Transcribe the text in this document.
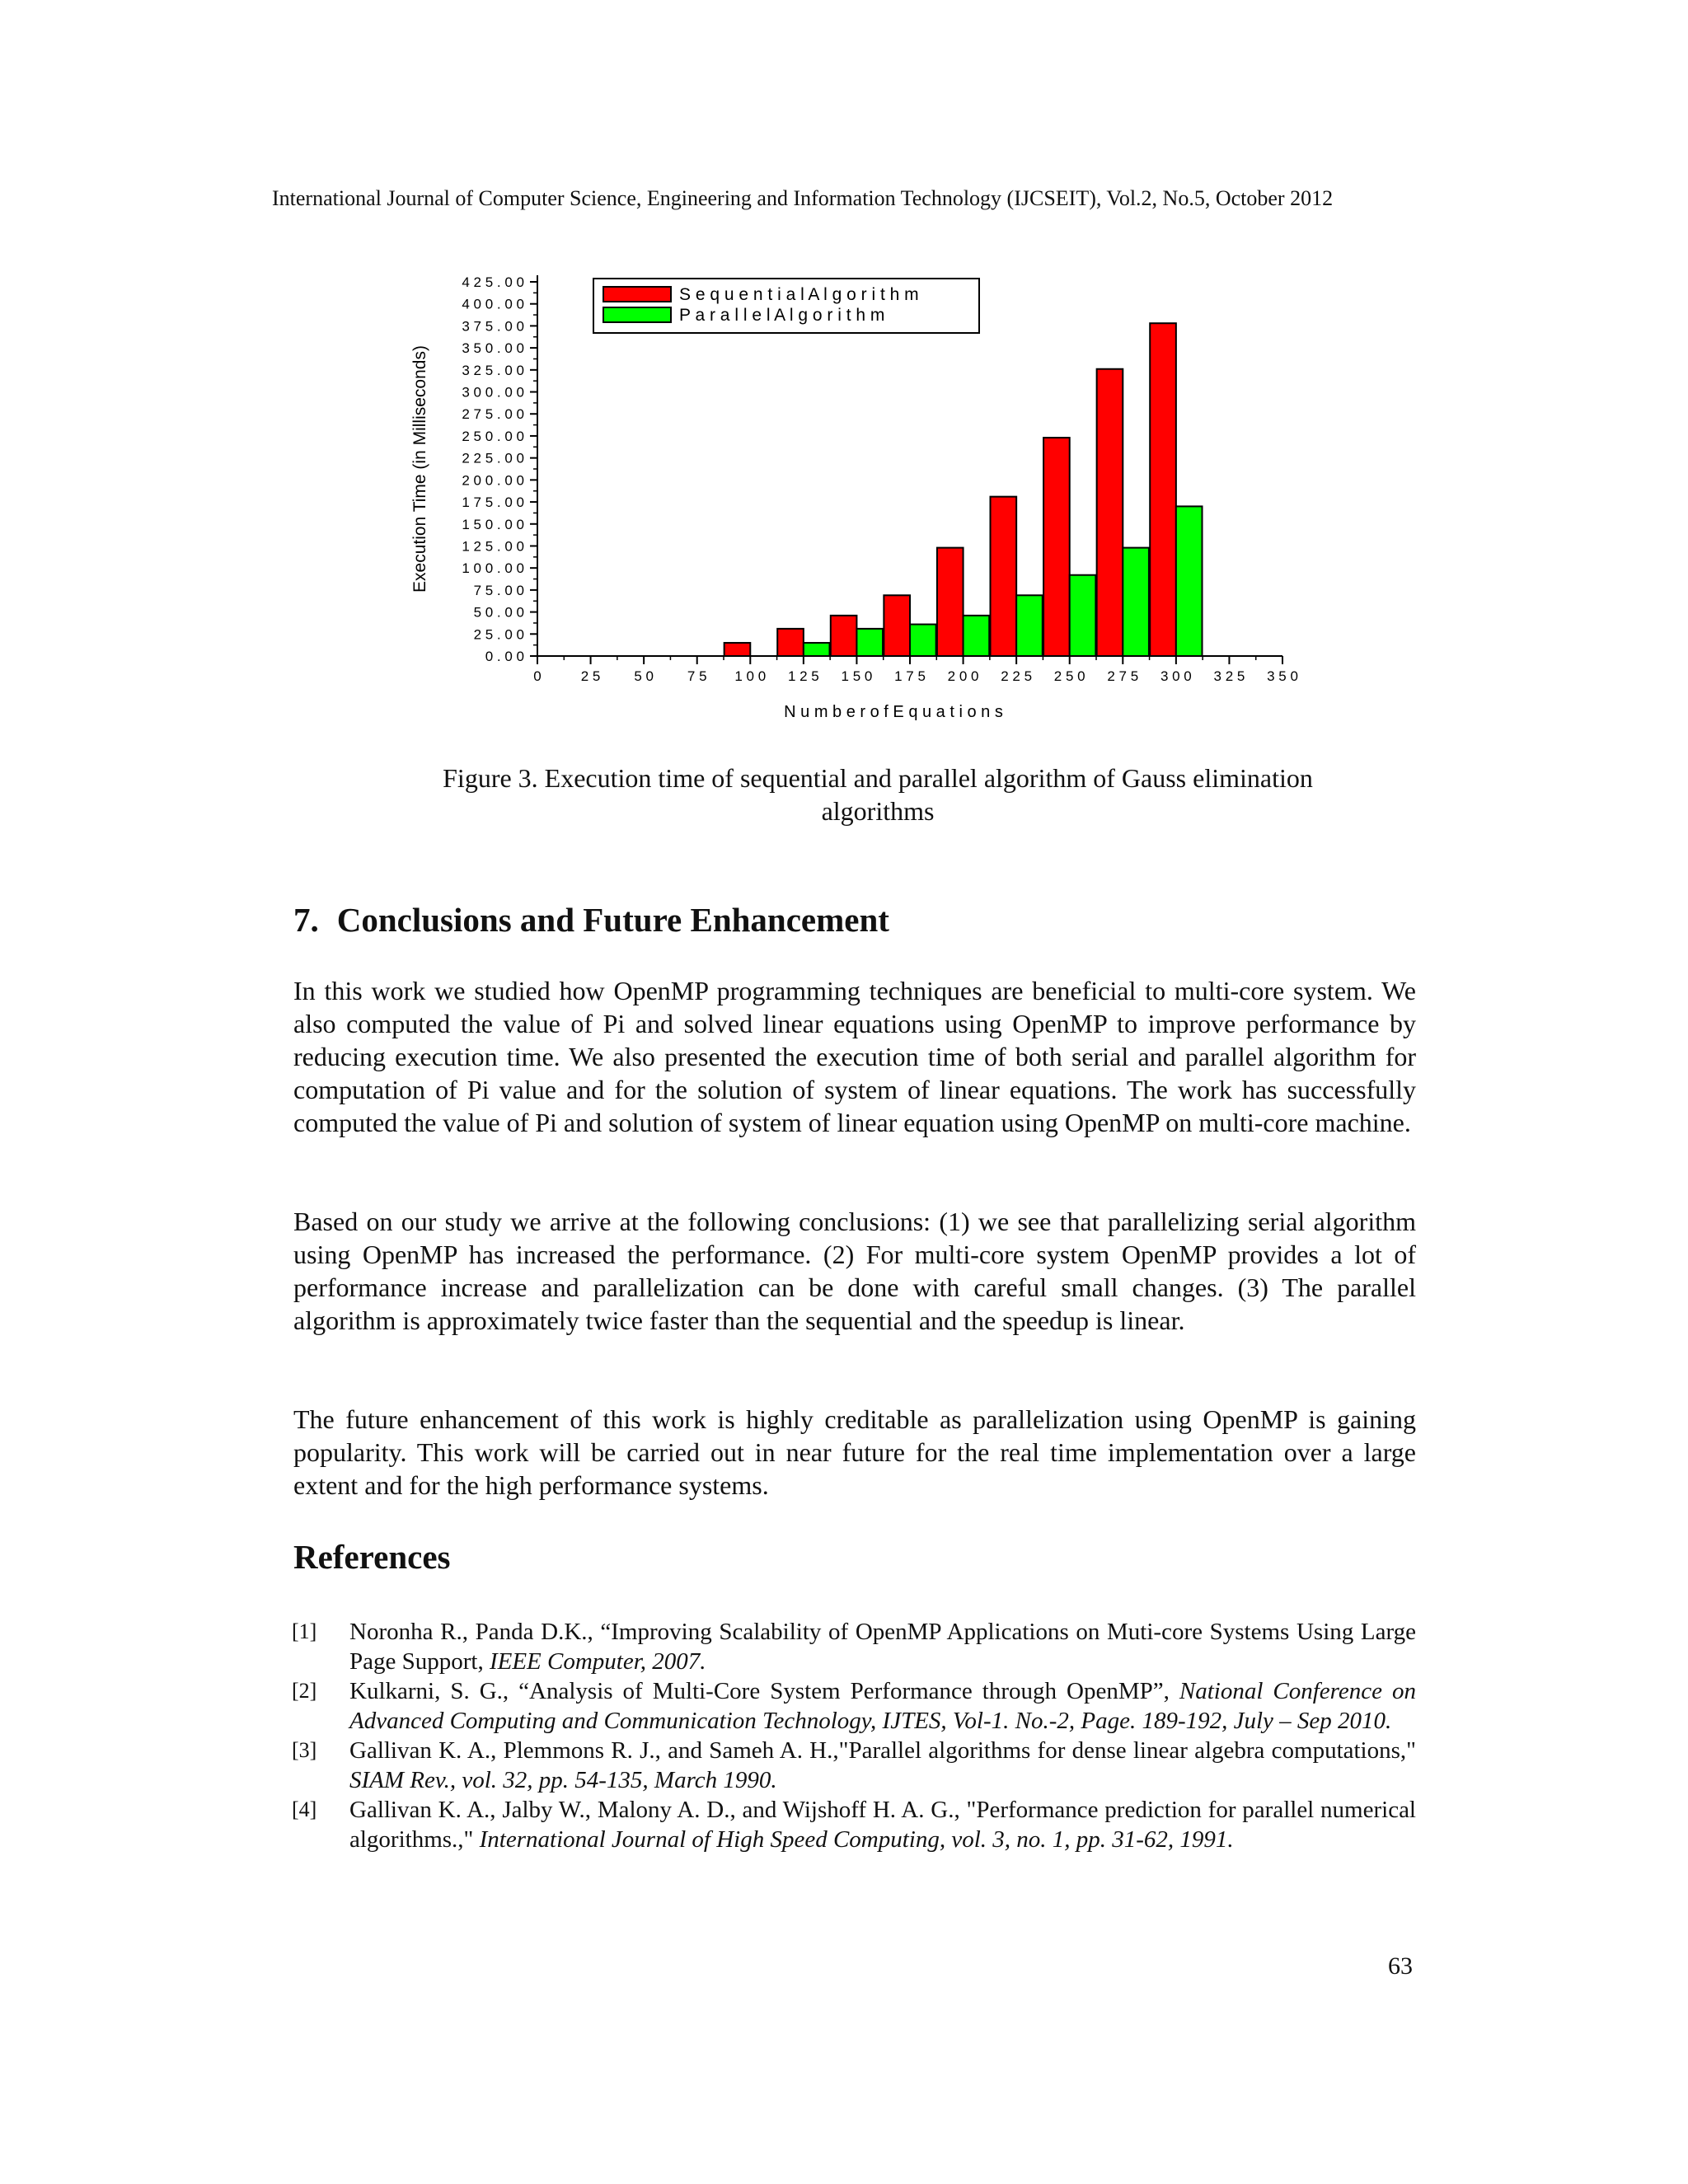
International Journal of Computer Science, Engineering and Information Technology (IJCSEIT), Vol.2, No.5, October 2012
0 . 0 0
2 5 . 0 0
5 0 . 0 0
7 5 . 0 0
1 0 0 . 0 0
1 2 5 . 0 0
1 5 0 . 0 0
1 7 5 . 0 0
2 0 0 . 0 0
2 2 5 . 0 0
2 5 0 . 0 0
2 7 5 . 0 0
3 0 0 . 0 0
3 2 5 . 0 0
3 5 0 . 0 0
3 7 5 . 0 0
4 0 0 . 0 0
4 2 5 . 0 0
0	2 5 5 0 7 5 1 0 0 1 2 5 1 5 0 1 7 5 2 0 0 2 2 5 2 5 0 2 7 5 3 0 0 3 2 5 3 5 0
N u m b e r o f E q u a t i o n s
Execution Time (in Milliseconds)
S e q u e n t i a l A l g o r i t h m
P a r a l l e l A l g o r i t h m
Figure 3. Execution time of sequential and parallel algorithm of Gauss elimination
algorithms
7. Conclusions and Future Enhancement

In this work we studied how OpenMP programming techniques are beneficial to multi-core system. We also computed the value of Pi and solved linear equations using OpenMP to improve performance by reducing execution time. We also presented the execution time of both serial and parallel algorithm for computation of Pi value and for the solution of system of linear equations. The work has successfully computed the value of Pi and solution of system of linear equation using OpenMP on multi-core machine.

Based on our study we arrive at the following conclusions: (1) we see that parallelizing serial algorithm using OpenMP has increased the performance. (2) For multi-core system OpenMP provides a lot of performance increase and parallelization can be done with careful small changes. (3) The parallel algorithm is approximately twice faster than the sequential and the speedup is linear.

The future enhancement of this work is highly creditable as parallelization using OpenMP is gaining popularity. This work will be carried out in near future for the real time implementation over a large extent and for the high performance systems.

References
[1]	Noronha R., Panda D.K., “Improving Scalability of OpenMP Applications on Muti-core Systems Using Large Page Support, IEEE Computer, 2007.
[2]	Kulkarni, S. G., “Analysis of Multi-Core System Performance through OpenMP”, National Conference on Advanced Computing and Communication Technology, IJTES, Vol-1. No.-2, Page. 189-192, July – Sep 2010.
[3]	Gallivan K. A., Plemmons R. J., and Sameh A. H.,"Parallel algorithms for dense linear algebra computations," SIAM Rev., vol. 32, pp. 54-135, March 1990.
[4]	Gallivan K. A., Jalby W., Malony A. D., and Wijshoff H. A. G., "Performance prediction for parallel numerical algorithms.," International Journal of High Speed Computing, vol. 3, no. 1, pp. 31-62, 1991.
63
